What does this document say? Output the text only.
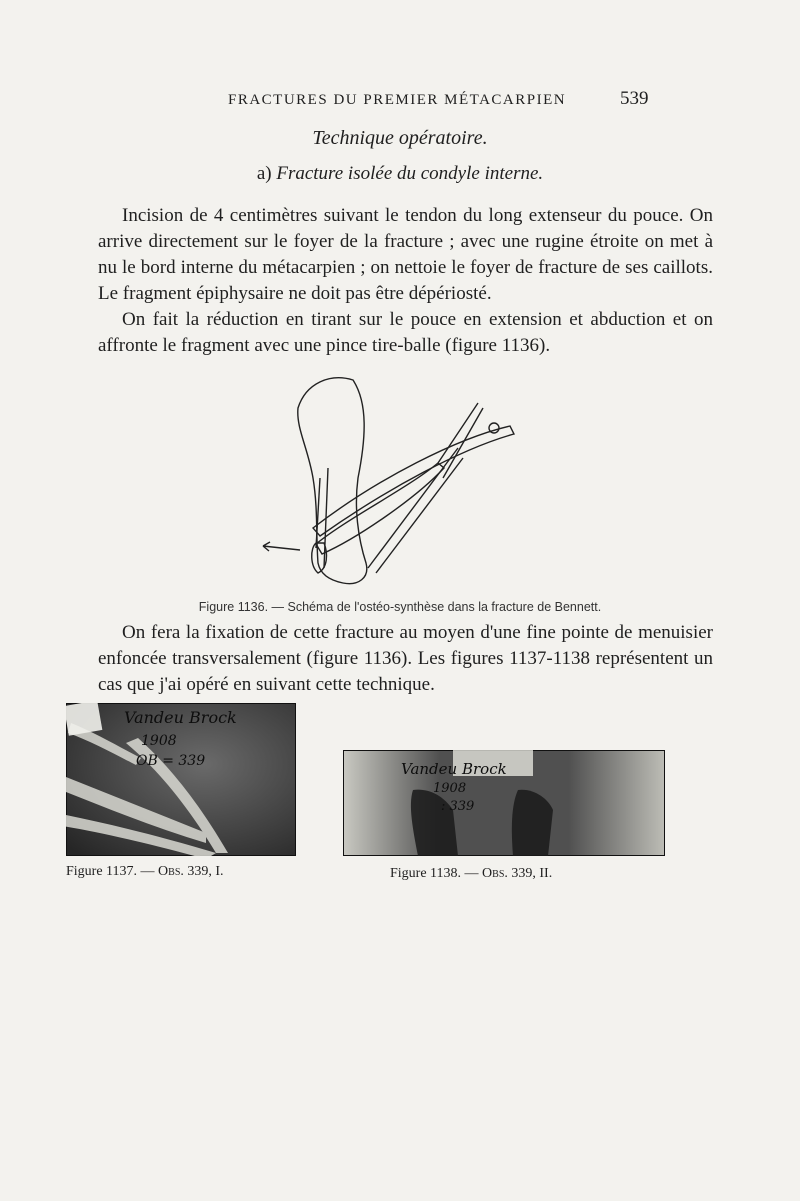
FRACTURES DU PREMIER MÉTACARPIEN	539
Technique opératoire.
a) Fracture isolée du condyle interne.
Incision de 4 centimètres suivant le tendon du long extenseur du pouce. On arrive directement sur le foyer de la fracture ; avec une rugine étroite on met à nu le bord interne du métacarpien ; on nettoie le foyer de fracture de ses caillots. Le fragment épiphysaire ne doit pas être dépériosté.
On fait la réduction en tirant sur le pouce en extension et abduction et on affronte le fragment avec une pince tire-balle (figure 1136).
Figure 1136. — Schéma de l'ostéo-synthèse dans la fracture de Bennett.
On fera la fixation de cette fracture au moyen d'une fine pointe de menuisier enfoncée transversalement (figure 1136). Les figures 1137-1138 représentent un cas que j'ai opéré en suivant cette technique.
Vandeu Brock
1908
OB = 339
Figure 1137. — Obs. 339, I.
Vandeu Brock
1908
: 339
Figure 1138. — Obs. 339, II.
